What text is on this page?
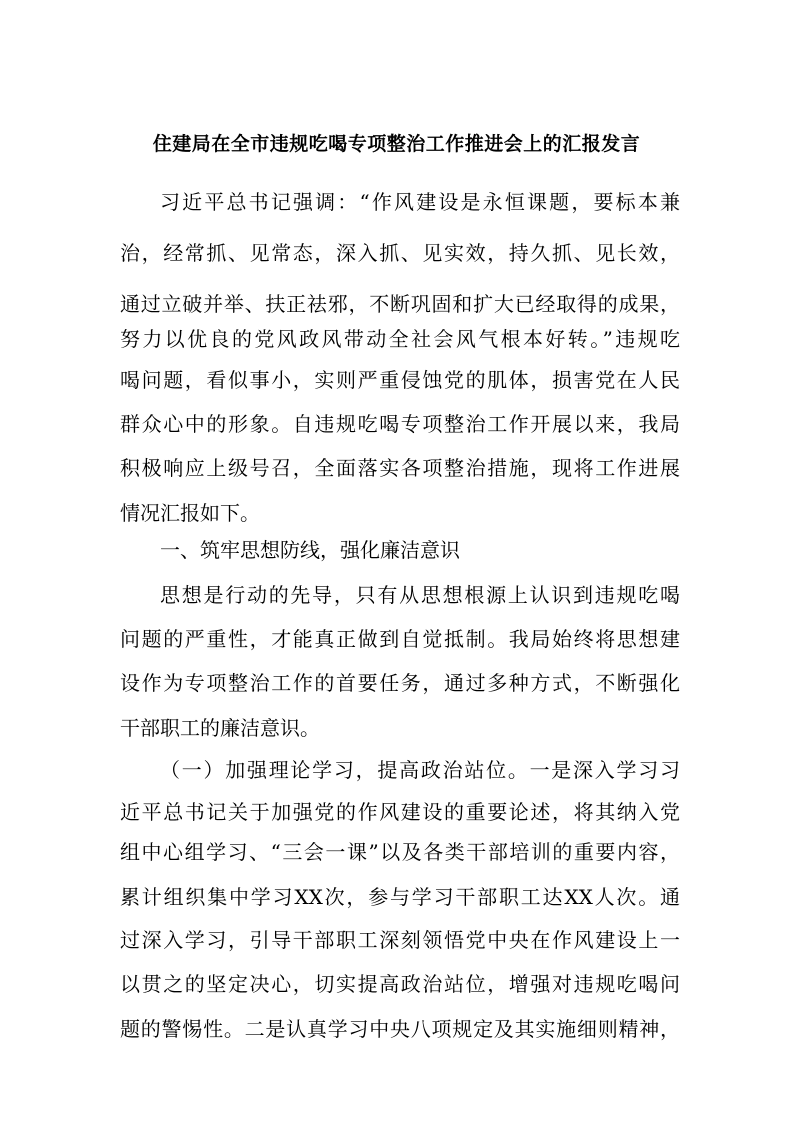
住建局在全市违规吃喝专项整治工作推进会上的汇报发言
习近平总书记强调：“作风建设是永恒课题，要标本兼
治，经常抓、见常态，深入抓、见实效，持久抓、见长效，
通过立破并举、扶正祛邪，不断巩固和扩大已经取得的成果，
努力以优良的党风政风带动全社会风气根本好转。”违规吃
喝问题，看似事小，实则严重侵蚀党的肌体，损害党在人民
群众心中的形象。自违规吃喝专项整治工作开展以来，我局
积极响应上级号召，全面落实各项整治措施，现将工作进展
情况汇报如下。
一、筑牢思想防线，强化廉洁意识
思想是行动的先导，只有从思想根源上认识到违规吃喝
问题的严重性，才能真正做到自觉抵制。我局始终将思想建
设作为专项整治工作的首要任务，通过多种方式，不断强化
干部职工的廉洁意识。
（一）加强理论学习，提高政治站位。一是深入学习习
近平总书记关于加强党的作风建设的重要论述，将其纳入党
组中心组学习、“三会一课”以及各类干部培训的重要内容，
累计组织集中学习XX次，参与学习干部职工达XX人次。通
过深入学习，引导干部职工深刻领悟党中央在作风建设上一
以贯之的坚定决心，切实提高政治站位，增强对违规吃喝问
题的警惕性。二是认真学习中央八项规定及其实施细则精神，
